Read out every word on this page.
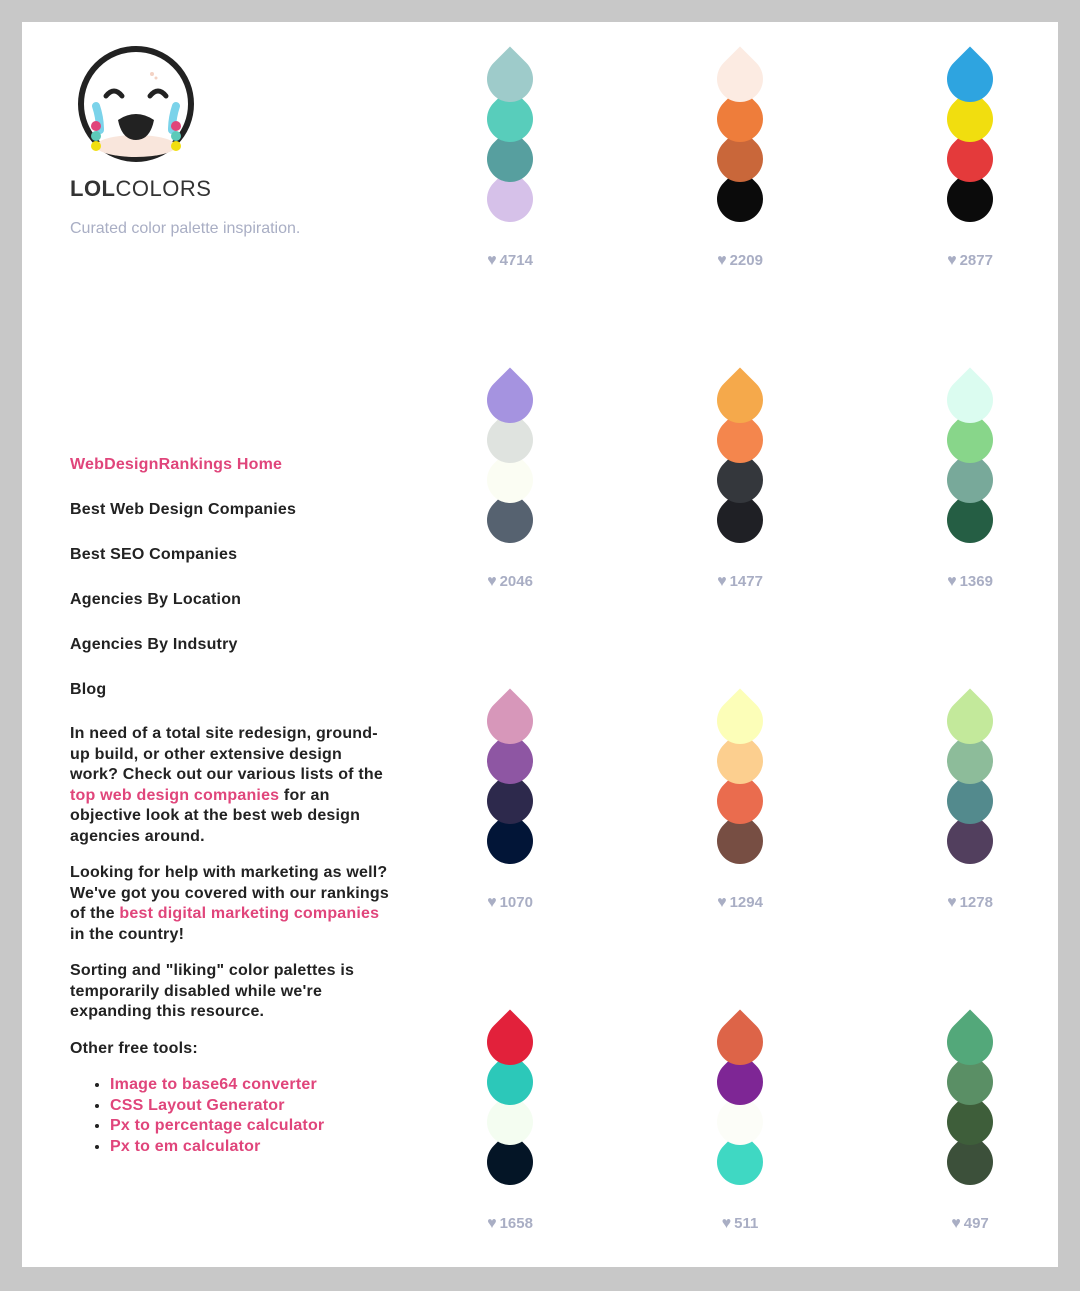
LOLCOLORS
Curated color palette inspiration.
WebDesignRankings Home
Best Web Design Companies
Best SEO Companies
Agencies By Location
Agencies By Indsutry
Blog

In need of a total site redesign, ground-up build, or other extensive design work? Check out our various lists of the top web design companies for an objective look at the best web design agencies around.

Looking for help with marketing as well? We've got you covered with our rankings of the best digital marketing companies in the country!

Sorting and "liking" color palettes is temporarily disabled while we're expanding this resource.

Other free tools:

• Image to base64 converter
• CSS Layout Generator
• Px to percentage calculator
• Px to em calculator
♥ 4714	♥ 2209	♥ 2877
♥ 2046	♥ 1477	♥ 1369
♥ 1070	♥ 1294	♥ 1278
♥ 1658	♥ 511	♥ 497
